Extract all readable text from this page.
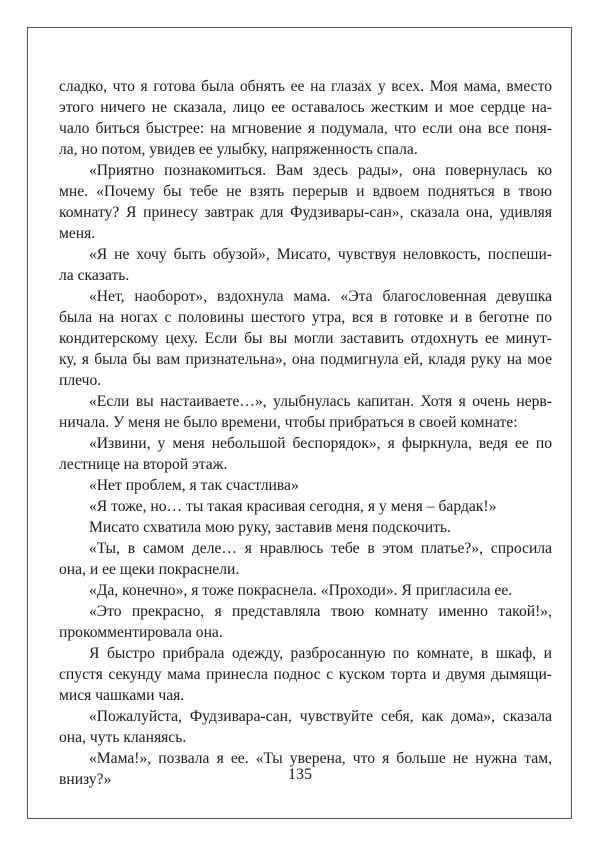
сладко, что я готова была обнять ее на глазах у всех. Моя мама, вместо
этого ничего не сказала, лицо ее оставалось жестким и мое сердце на-
чало биться быстрее: на мгновение я подумала, что если она все поня-
ла, но потом, увидев ее улыбку, напряженность спала.
«Приятно познакомиться. Вам здесь рады», она повернулась ко
мне. «Почему бы тебе не взять перерыв и вдвоем подняться в твою
комнату? Я принесу завтрак для Фудзивары-сан», сказала она, удивляя
меня.
«Я не хочу быть обузой», Мисато, чувствуя неловкость, поспеши-
ла сказать.
«Нет, наоборот», вздохнула мама. «Эта благословенная девушка
была на ногах с половины шестого утра, вся в готовке и в беготне по
кондитерскому цеху. Если бы вы могли заставить отдохнуть ее минут-
ку, я была бы вам признательна», она подмигнула ей, кладя руку на мое
плечо.
«Если вы настаиваете…», улыбнулась капитан. Хотя я очень нерв-
ничала. У меня не было времени, чтобы прибраться в своей комнате:
«Извини, у меня небольшой беспорядок», я фыркнула, ведя ее по
лестнице на второй этаж.
«Нет проблем, я так счастлива»
«Я тоже, но… ты такая красивая сегодня, я у меня – бардак!»
Мисато схватила мою руку, заставив меня подскочить.
«Ты, в самом деле… я нравлюсь тебе в этом платье?», спросила
она, и ее щеки покраснели.
«Да, конечно», я тоже покраснела. «Проходи». Я пригласила ее.
«Это прекрасно, я представляла твою комнату именно такой!»,
прокомментировала она.
Я быстро прибрала одежду, разбросанную по комнате, в шкаф, и
спустя секунду мама принесла поднос с куском торта и двумя дымящи-
мися чашками чая.
«Пожалуйста, Фудзивара-сан, чувствуйте себя, как дома», сказала
она, чуть кланяясь.
«Мама!», позвала я ее. «Ты уверена, что я больше не нужна там,
внизу?»	135
